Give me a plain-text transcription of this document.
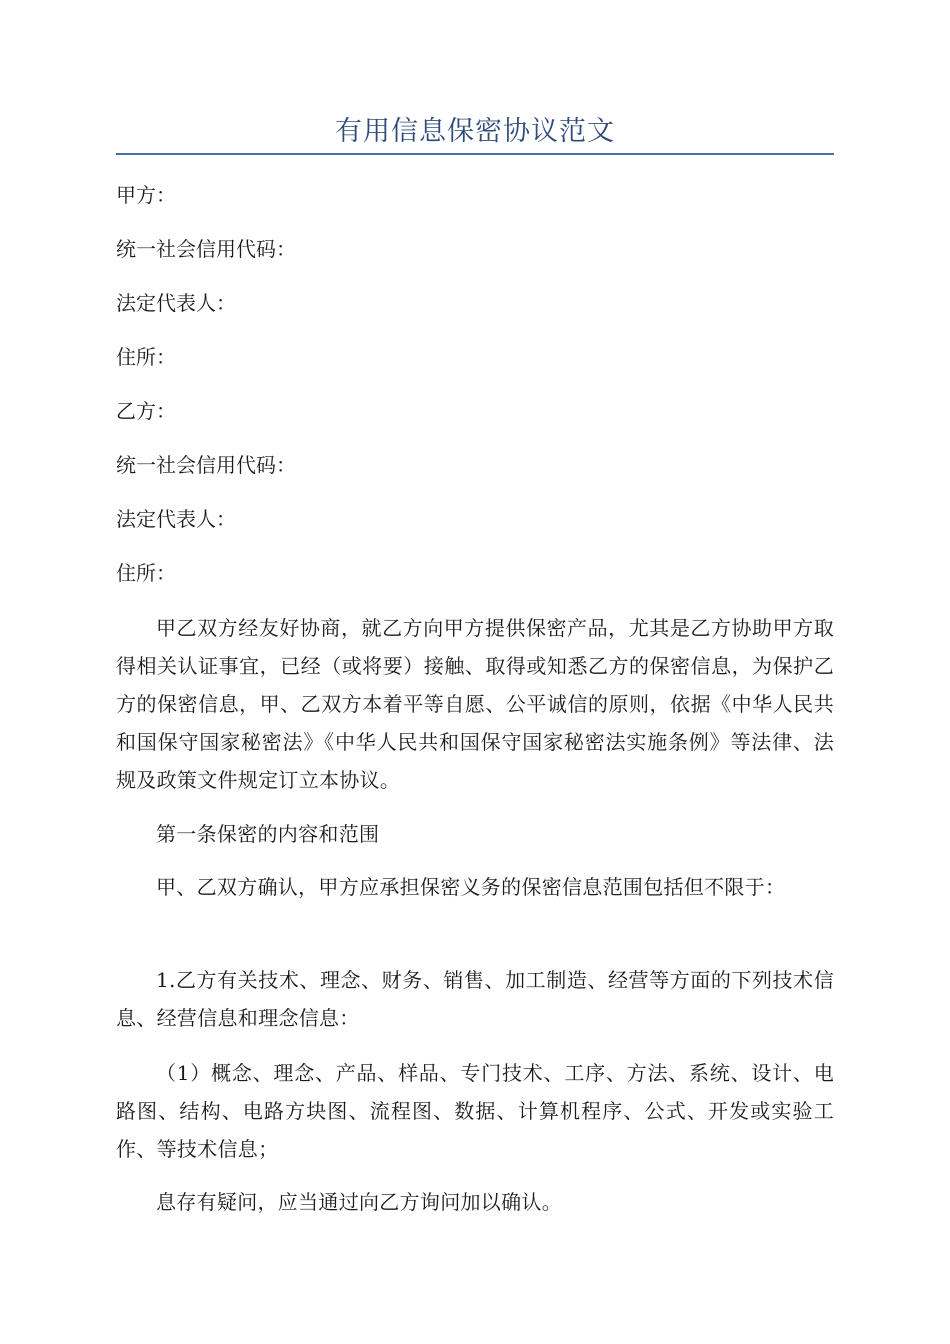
有用信息保密协议范文
甲方：
统一社会信用代码：
法定代表人：
住所：
乙方：
统一社会信用代码：
法定代表人：
住所：
甲乙双方经友好协商，就乙方向甲方提供保密产品，尤其是乙方协助甲方取得相关认证事宜，已经（或将要）接触、取得或知悉乙方的保密信息，为保护乙方的保密信息，甲、乙双方本着平等自愿、公平诚信的原则，依据《中华人民共和国保守国家秘密法》《中华人民共和国保守国家秘密法实施条例》等法律、法规及政策文件规定订立本协议。
第一条保密的内容和范围
甲、乙双方确认，甲方应承担保密义务的保密信息范围包括但不限于：
1.乙方有关技术、理念、财务、销售、加工制造、经营等方面的下列技术信息、经营信息和理念信息：
（1）概念、理念、产品、样品、专门技术、工序、方法、系统、设计、电路图、结构、电路方块图、流程图、数据、计算机程序、公式、开发或实验工作、等技术信息；
息存有疑问，应当通过向乙方询问加以确认。
